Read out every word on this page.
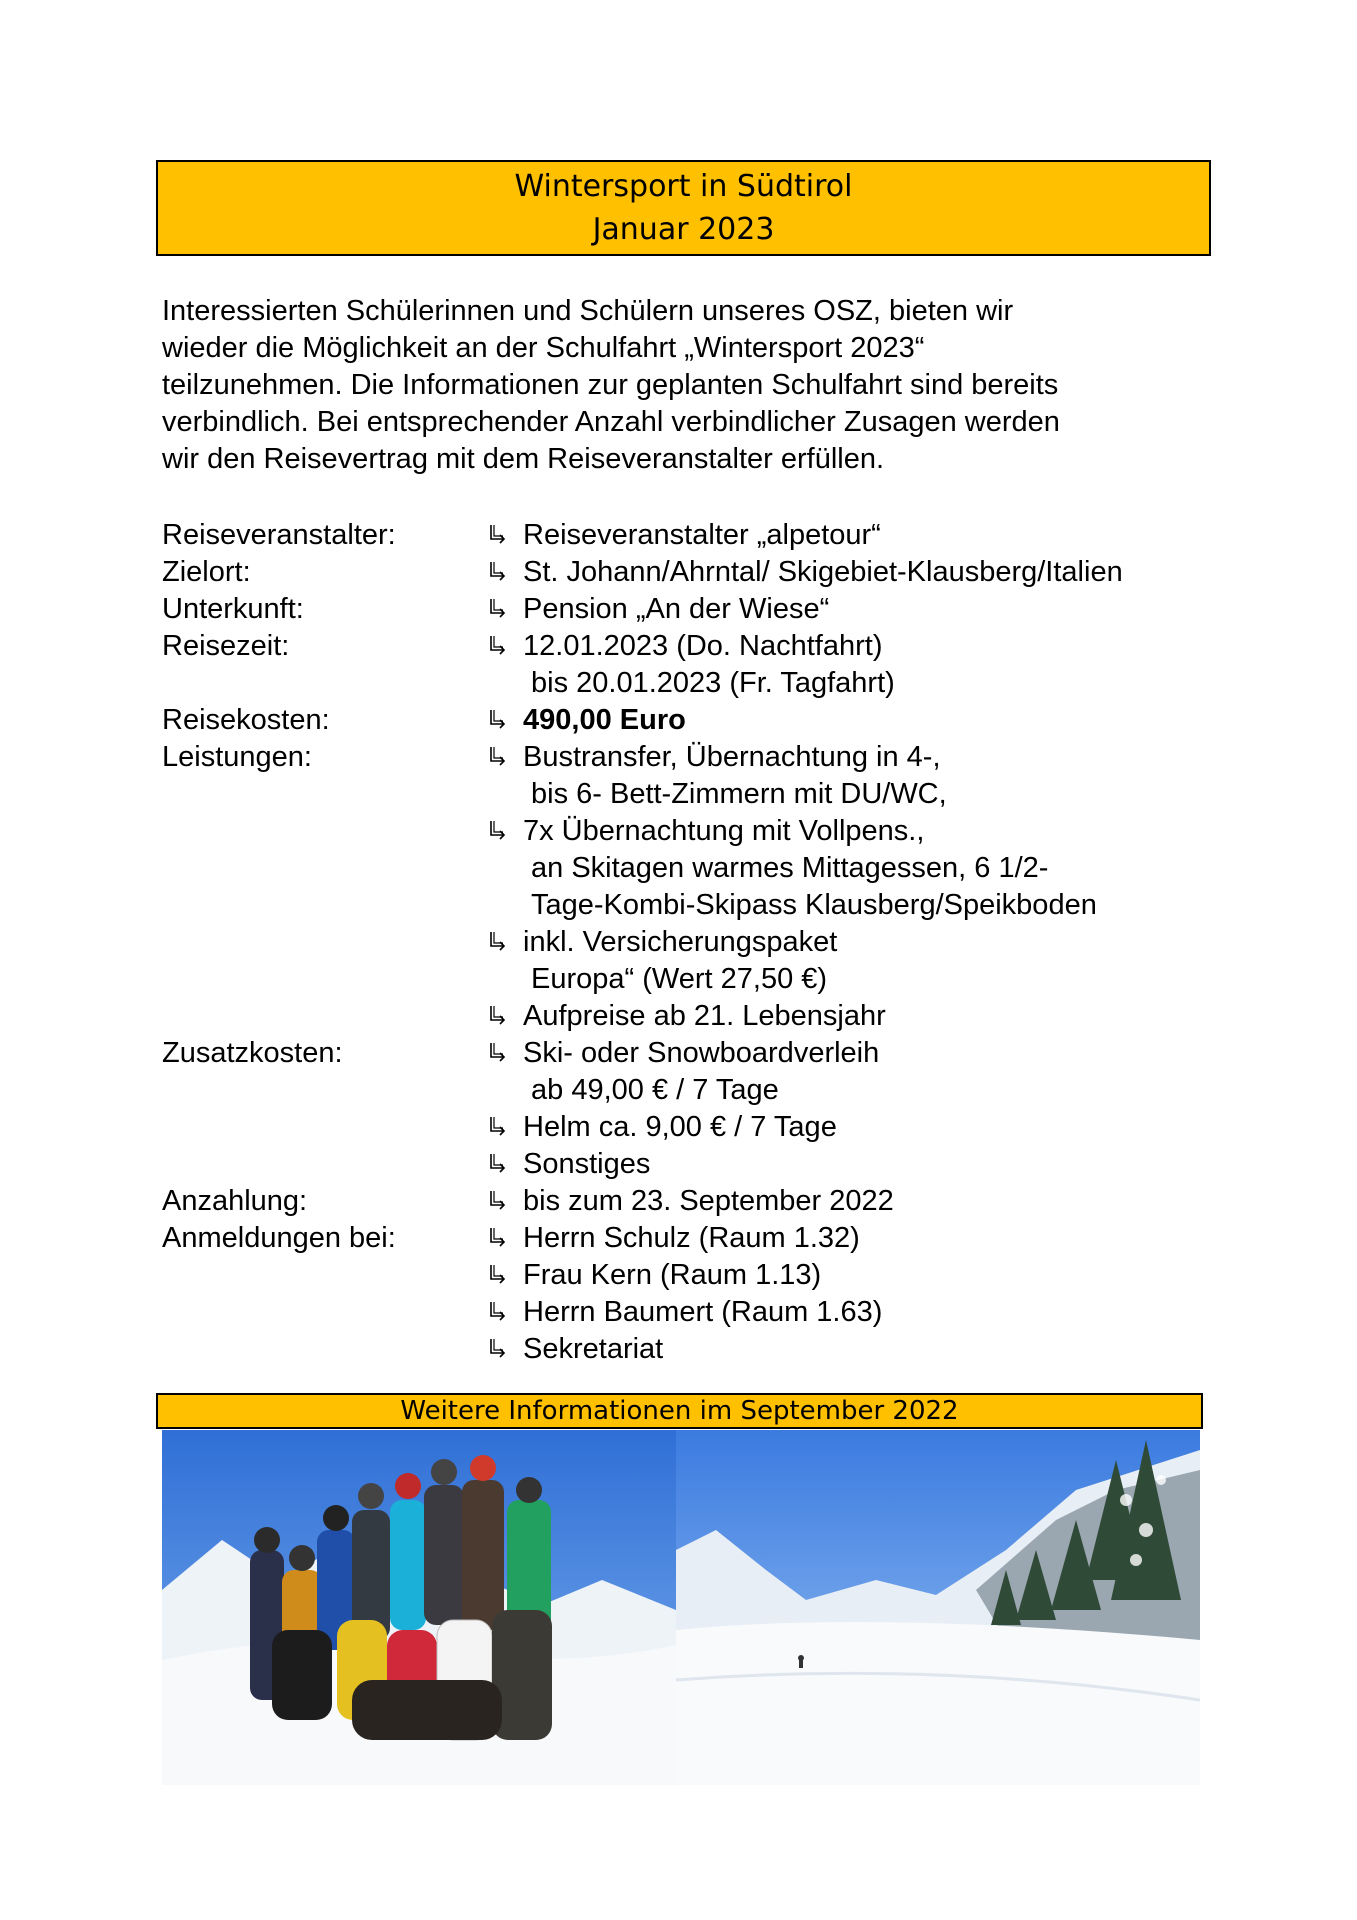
Wintersport in Südtirol
Januar 2023

Interessierten Schülerinnen und Schülern unseres OSZ, bieten wir
wieder die Möglichkeit an der Schulfahrt „Wintersport 2023“
teilzunehmen. Die Informationen zur geplanten Schulfahrt sind bereits
verbindlich. Bei entsprechender Anzahl verbindlicher Zusagen werden
wir den Reisevertrag mit dem Reiseveranstalter erfüllen.

Reiseveranstalter:	Reiseveranstalter „alpetour“
Zielort:	St. Johann/Ahrntal/ Skigebiet-Klausberg/Italien
Unterkunft:	Pension „An der Wiese“
Reisezeit:	12.01.2023 (Do. Nachtfahrt)
bis 20.01.2023 (Fr. Tagfahrt)
Reisekosten:	490,00 Euro
Leistungen:	Bustransfer, Übernachtung in 4-,
bis 6- Bett-Zimmern mit DU/WC,
7x Übernachtung mit Vollpens.,
an Skitagen warmes Mittagessen, 6 1/2-
Tage-Kombi-Skipass Klausberg/Speikboden
inkl. Versicherungspaket
Europa“ (Wert 27,50 €)
Aufpreise ab 21. Lebensjahr
Zusatzkosten:	Ski- oder Snowboardverleih
ab 49,00 € / 7 Tage
Helm ca. 9,00 € / 7 Tage
Sonstiges
Anzahlung:	bis zum 23. September 2022
Anmeldungen bei:	Herrn Schulz (Raum 1.32)
Frau Kern (Raum 1.13)
Herrn Baumert (Raum 1.63)
Sekretariat
Weitere Informationen im September 2022
